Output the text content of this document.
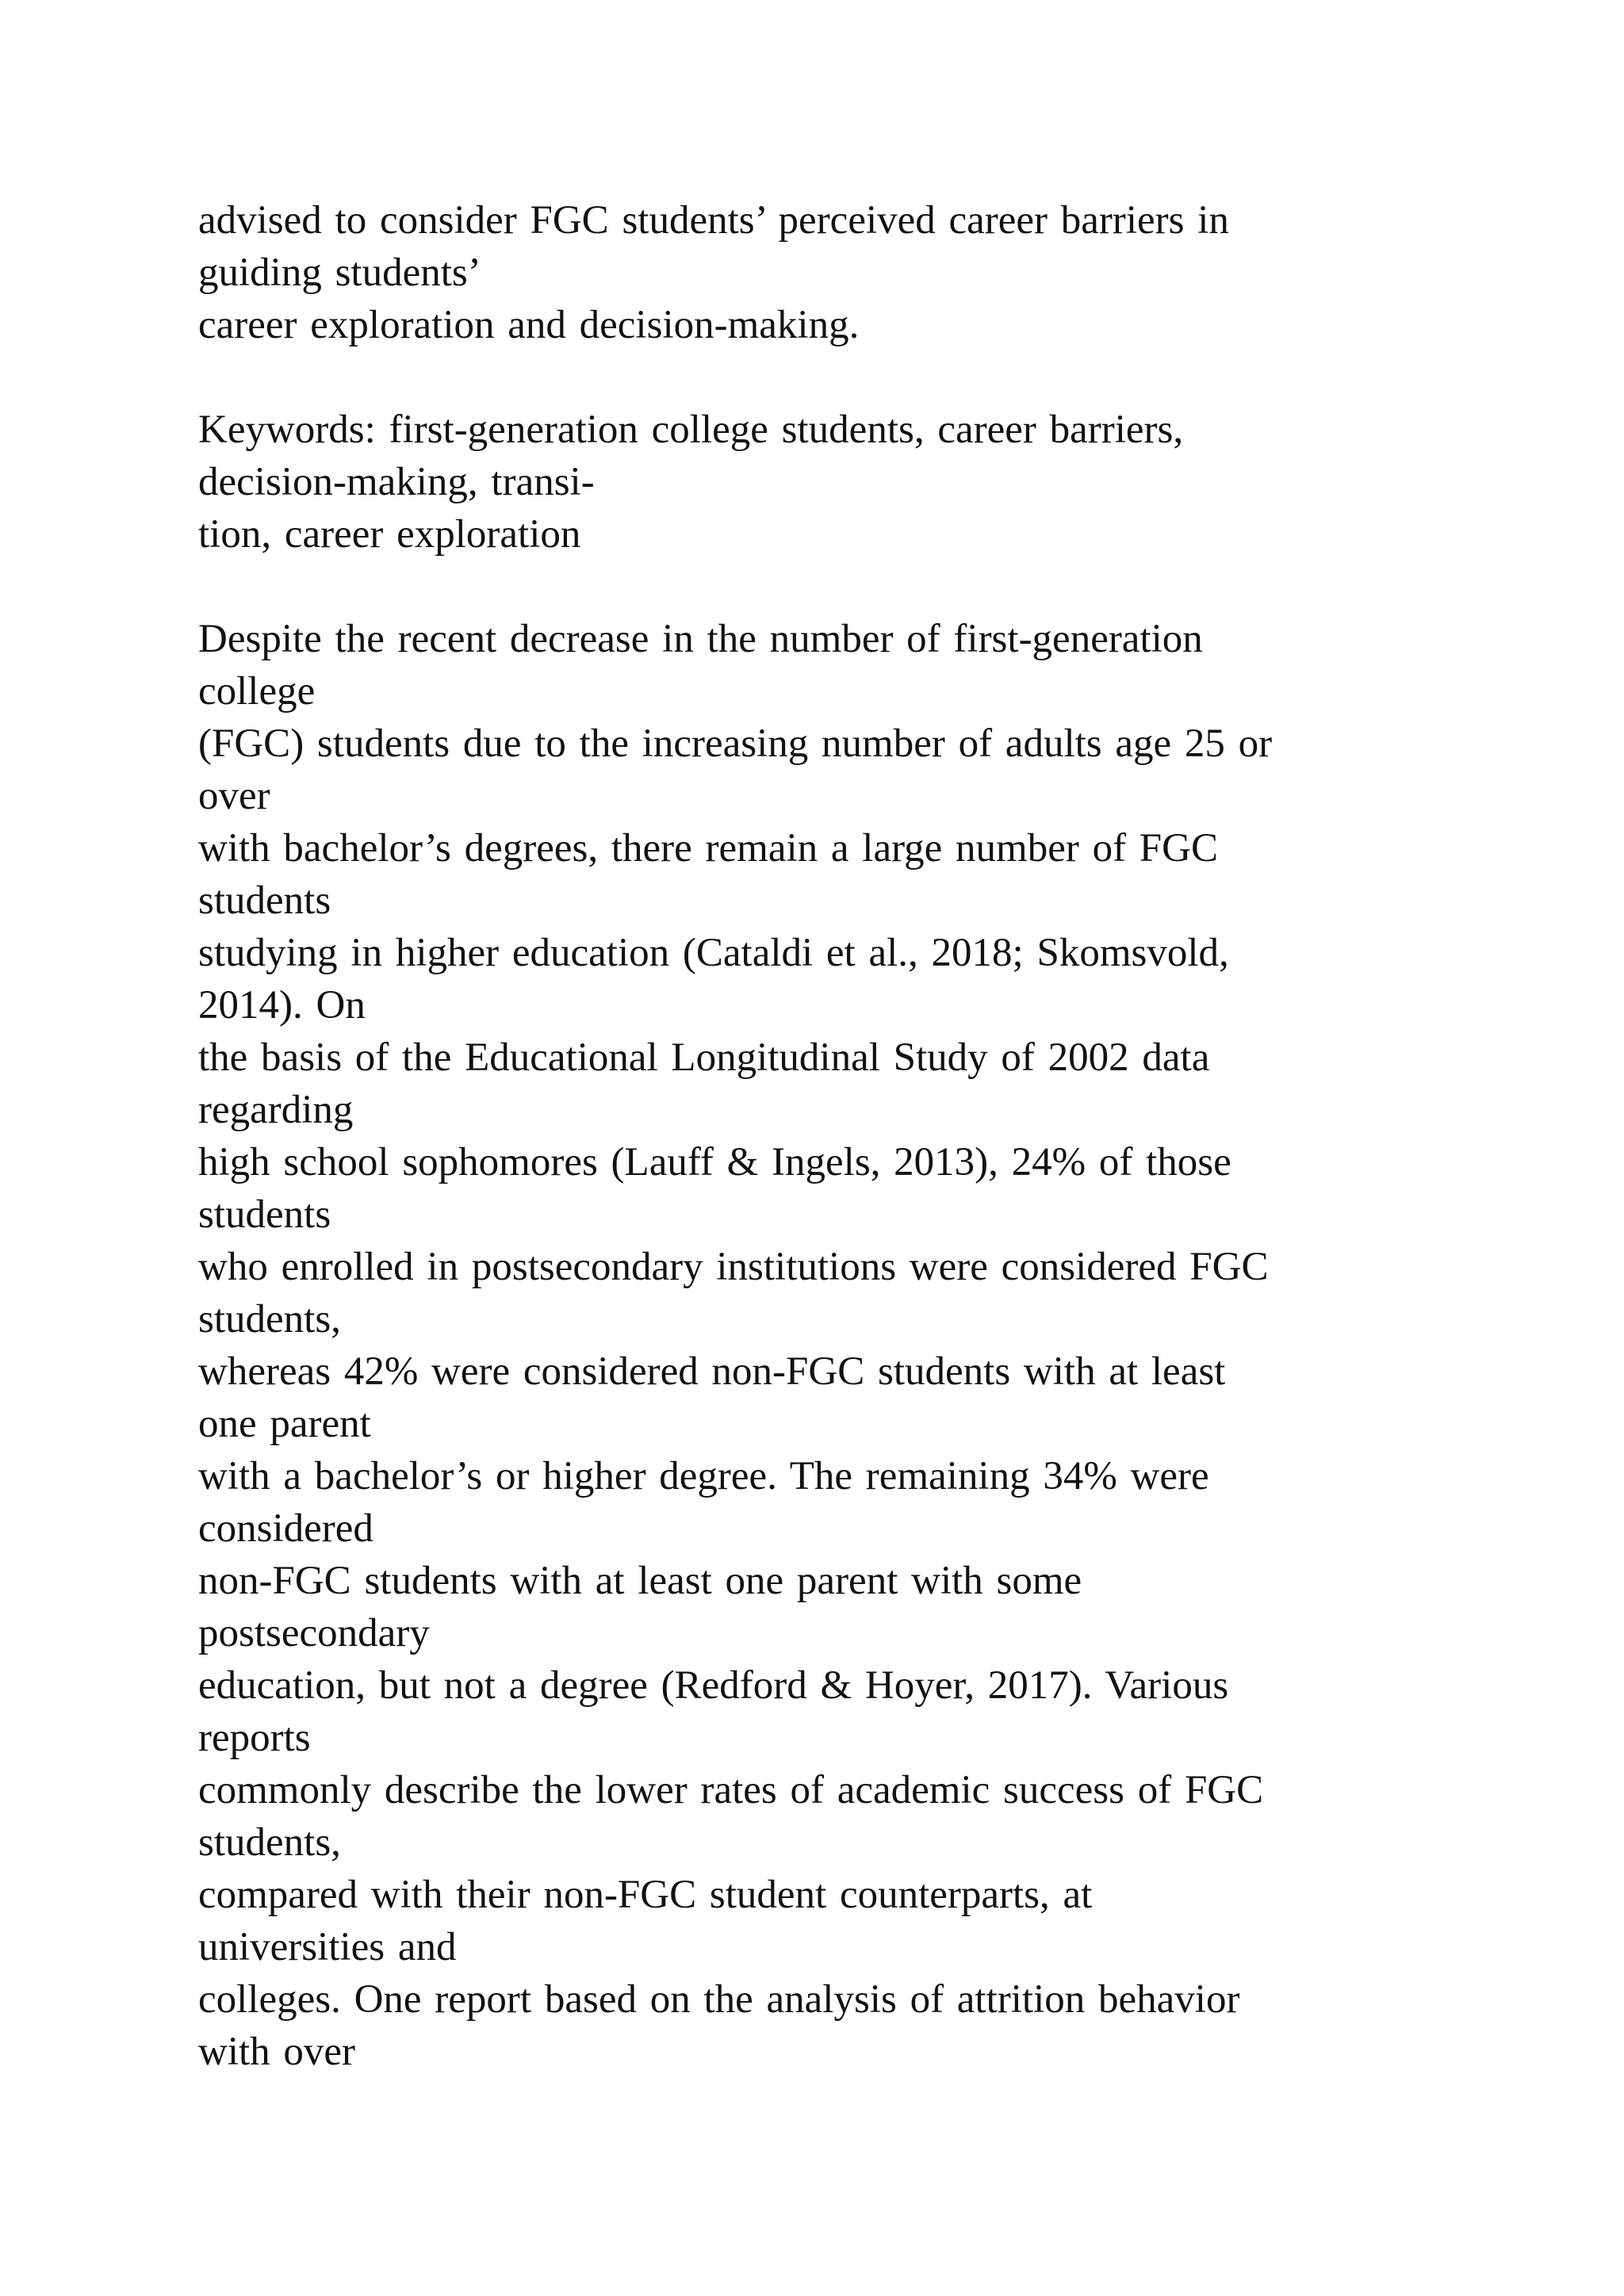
advised to consider FGC students’ perceived career barriers in
guiding students’
career exploration and decision-making.
Keywords: first-generation college students, career barriers,
decision-making, transi-
tion, career exploration
Despite the recent decrease in the number of first-generation
college
(FGC) students due to the increasing number of adults age 25 or
over
with bachelor’s degrees, there remain a large number of FGC
students
studying in higher education (Cataldi et al., 2018; Skomsvold,
2014). On
the basis of the Educational Longitudinal Study of 2002 data
regarding
high school sophomores (Lauff & Ingels, 2013), 24% of those
students
who enrolled in postsecondary institutions were considered FGC
students,
whereas 42% were considered non-FGC students with at least
one parent
with a bachelor’s or higher degree. The remaining 34% were
considered
non-FGC students with at least one parent with some
postsecondary
education, but not a degree (Redford & Hoyer, 2017). Various
reports
commonly describe the lower rates of academic success of FGC
students,
compared with their non-FGC student counterparts, at
universities and
colleges. One report based on the analysis of attrition behavior
with over
